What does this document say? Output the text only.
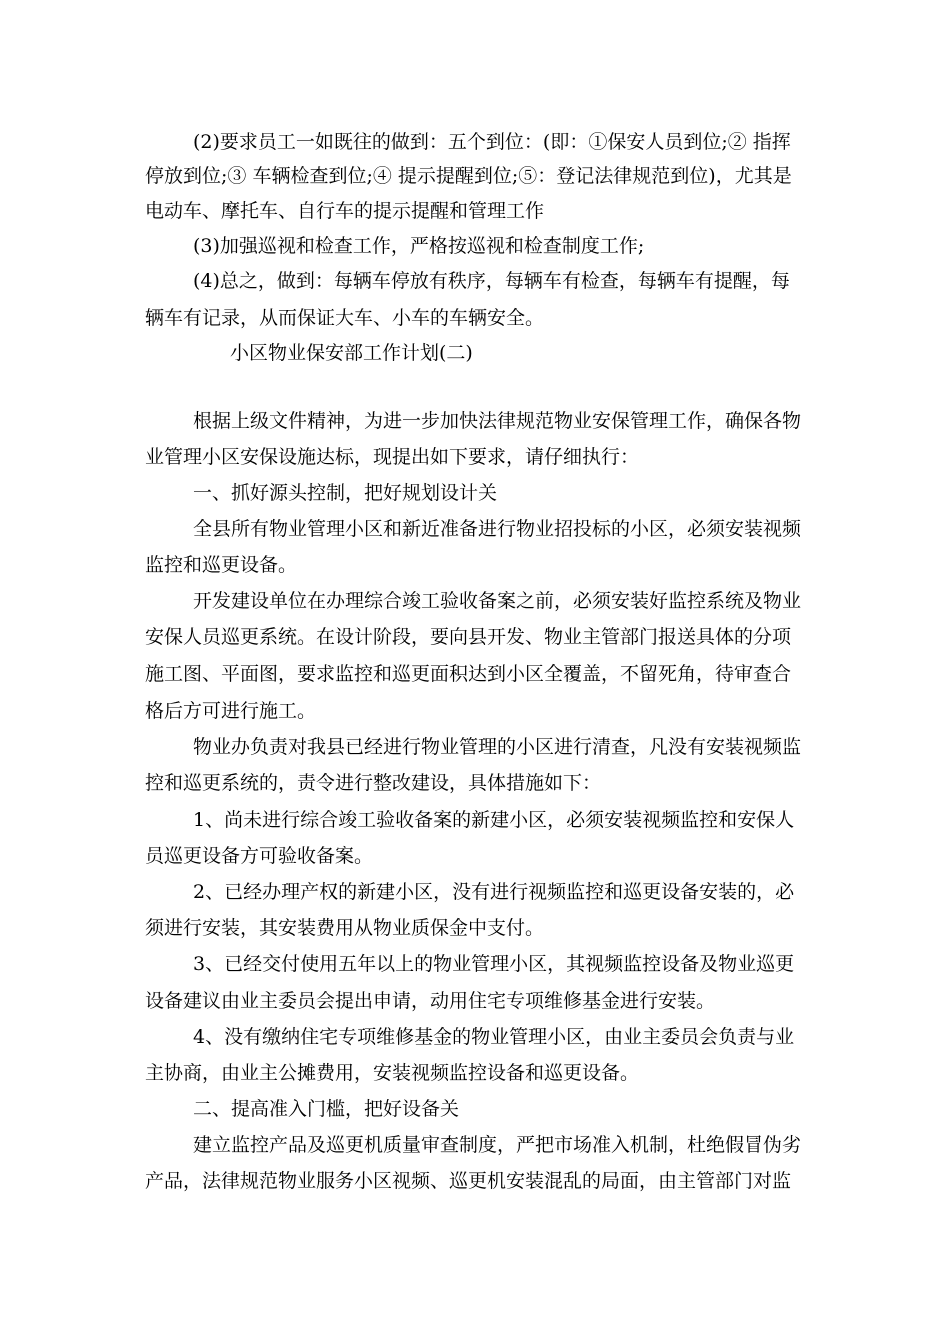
(2)要求员工一如既往的做到：五个到位：(即：①保安人员到位;② 指挥
停放到位;③ 车辆检查到位;④ 提示提醒到位;⑤：登记法律规范到位)，尤其是
电动车、摩托车、自行车的提示提醒和管理工作
(3)加强巡视和检查工作，严格按巡视和检查制度工作;
(4)总之，做到：每辆车停放有秩序，每辆车有检查，每辆车有提醒，每
辆车有记录，从而保证大车、小车的车辆安全。
小区物业保安部工作计划(二)
根据上级文件精神，为进一步加快法律规范物业安保管理工作，确保各物
业管理小区安保设施达标，现提出如下要求，请仔细执行：
一、抓好源头控制，把好规划设计关
全县所有物业管理小区和新近准备进行物业招投标的小区，必须安装视频
监控和巡更设备。
开发建设单位在办理综合竣工验收备案之前，必须安装好监控系统及物业
安保人员巡更系统。在设计阶段，要向县开发、物业主管部门报送具体的分项
施工图、平面图，要求监控和巡更面积达到小区全覆盖，不留死角，待审查合
格后方可进行施工。
物业办负责对我县已经进行物业管理的小区进行清查，凡没有安装视频监
控和巡更系统的，责令进行整改建设，具体措施如下：
1、尚未进行综合竣工验收备案的新建小区，必须安装视频监控和安保人
员巡更设备方可验收备案。
2、已经办理产权的新建小区，没有进行视频监控和巡更设备安装的，必
须进行安装，其安装费用从物业质保金中支付。
3、已经交付使用五年以上的物业管理小区，其视频监控设备及物业巡更
设备建议由业主委员会提出申请，动用住宅专项维修基金进行安装。
4、没有缴纳住宅专项维修基金的物业管理小区，由业主委员会负责与业
主协商，由业主公摊费用，安装视频监控设备和巡更设备。
二、提高准入门槛，把好设备关
建立监控产品及巡更机质量审查制度，严把市场准入机制，杜绝假冒伪劣
产品，法律规范物业服务小区视频、巡更机安装混乱的局面，由主管部门对监
